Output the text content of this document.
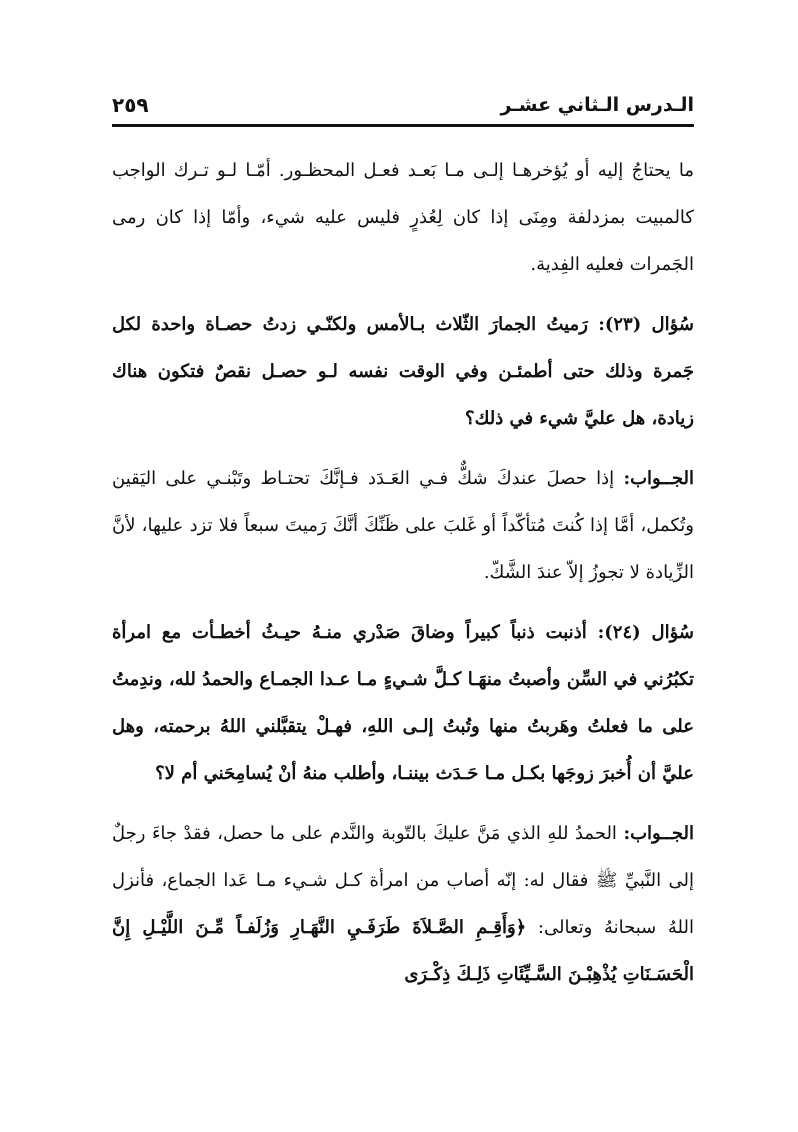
الـدرس الـثاني عشـر
٢٥٩

ما يحتاجُ إليه أو يُؤخرهـا إلـى مـا بَعـد فعـل المحظـور. أمّـا لـو تـرك الواجب كالمبيت بمزدلفة ومِنَى إذا كان لِعُذرٍ فليس عليه شيء، وأمّا إذا كان رمى الجَمرات فعليه الفِدية.

سُؤال (٢٣): رَميتُ الجمارَ الثّلاث بـالأمس ولكنّـي زدتُ حصـاة واحدة لكل جَمرة وذلك حتى أطمئـن وفي الوقت نفسه لـو حصـل نقصٌ فتكون هناك زيادة، هل عليَّ شيء في ذلك؟

الجــواب: إذا حصلَ عندكَ شكٌّ فـي العَـدَد فـإنَّكَ تحتـاط وتَبْنـي على اليَقين وتُكمل، أمَّا إذا كُنتَ مُتأكّداً أو غَلبَ على ظَنِّكَ أنَّكَ رَميتَ سبعاً فلا تزد عليها، لأنَّ الزِّيادة لا تجوزُ إلاّ عندَ الشَّكّ.

سُؤال (٢٤): أذنبت ذنباً كبيراً وضاقَ صَدْري منـهُ حيـثُ أخطـأت مع امرأة تكبُرُني في السِّن وأصبتُ منهَـا كـلَّ شـيءٍ مـا عـدا الجمـاع والحمدُ لله، وندِمتُ على ما فعلتُ وهَربتُ منها وتُبتُ إلـى اللهِ، فهـلْ يتقبَّلني اللهُ برحمته، وهل عليَّ أن أُخبرَ زوجَها بكـل مـا حَـدَث بيننـا، وأطلب منهُ أنْ يُسامِحَني أم لا؟

الجــواب: الحمدُ للهِ الذي مَنَّ عليكَ بالتّوبة والنَّدم على ما حصل، فقدْ جاءَ رجلٌ إلى النَّبيِّ ﷺ فقال له: إنّه أصاب من امرأة كـل شـيء مـا عَدا الجماع، فأنزل اللهُ سبحانهُ وتعالى: ﴿وَأَقِـمِ الصَّـلاَةَ طَرَفَـيِ النَّهَـارِ وَزُلَفـاً مِّـنَ اللَّيْـلِ إِنَّ الْحَسَـنَاتِ يُذْهِبْـنَ السَّـيِّئَاتِ ذَلِـكَ ذِكْـرَى
